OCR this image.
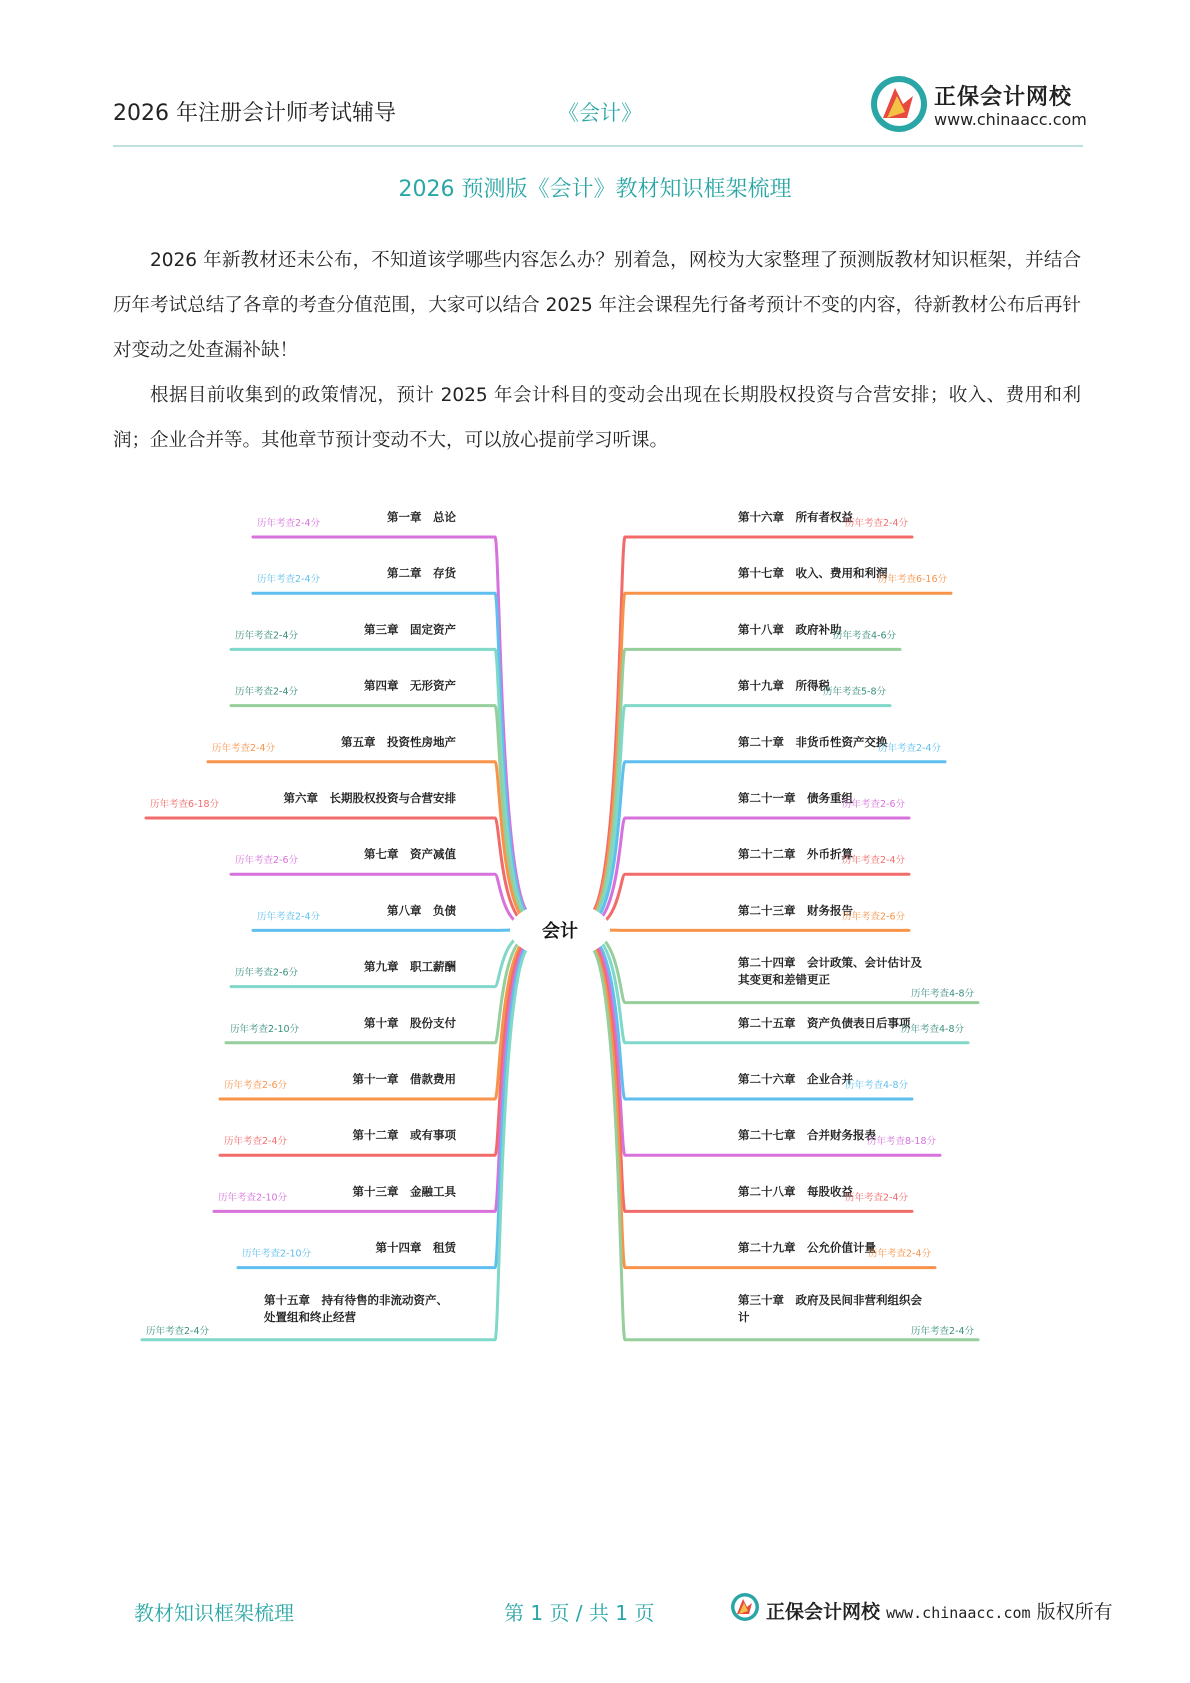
2026 年注册会计师考试辅导	《会计》
正保会计网校
www.chinaacc.com
2026 预测版《会计》教材知识框架梳理
2026 年新教材还未公布，不知道该学哪些内容怎么办？别着急，网校为大家整理了预测版教材知识框架，并结合历年考试总结了各章的考查分值范围，大家可以结合 2025 年注会课程先行备考预计不变的内容，待新教材公布后再针对变动之处查漏补缺！
根据目前收集到的政策情况，预计 2025 年会计科目的变动会出现在长期股权投资与合营安排；收入、费用和利润；企业合并等。其他章节预计变动不大，可以放心提前学习听课。
第一章　总论
历年考查2-4分
第二章　存货
历年考查2-4分
第三章　固定资产
历年考查2-4分
第四章　无形资产
历年考查2-4分
第五章　投资性房地产
历年考查2-4分
第六章　长期股权投资与合营安排
历年考查6-18分
第七章　资产减值
历年考查2-6分
第八章　负债
历年考查2-4分
第九章　职工薪酬
历年考查2-6分
第十章　股份支付
历年考查2-10分
第十一章　借款费用
历年考查2-6分
第十二章　或有事项
历年考查2-4分
第十三章　金融工具
历年考查2-10分
第十四章　租赁
历年考查2-10分
第十五章　持有待售的非流动资产、
处置组和终止经营
历年考查2-4分
第十六章　所有者权益
历年考查2-4分
第十七章　收入、费用和利润
历年考查6-16分
第十八章　政府补助
历年考查4-6分
第十九章　所得税
历年考查5-8分
第二十章　非货币性资产交换
历年考查2-4分
第二十一章　债务重组
历年考查2-6分
第二十二章　外币折算
历年考查2-4分
第二十三章　财务报告
历年考查2-6分
第二十四章　会计政策、会计估计及
其变更和差错更正
历年考查4-8分
第二十五章　资产负债表日后事项
历年考查4-8分
第二十六章　企业合并
历年考查4-8分
第二十七章　合并财务报表
历年考查8-18分
第二十八章　每股收益
历年考查2-4分
第二十九章　公允价值计量
历年考查2-4分
第三十章　政府及民间非营利组织会
计
历年考查2-4分
会计
教材知识框架梳理	第 1 页 / 共 1 页	正保会计网校 www.chinaacc.com 版权所有
